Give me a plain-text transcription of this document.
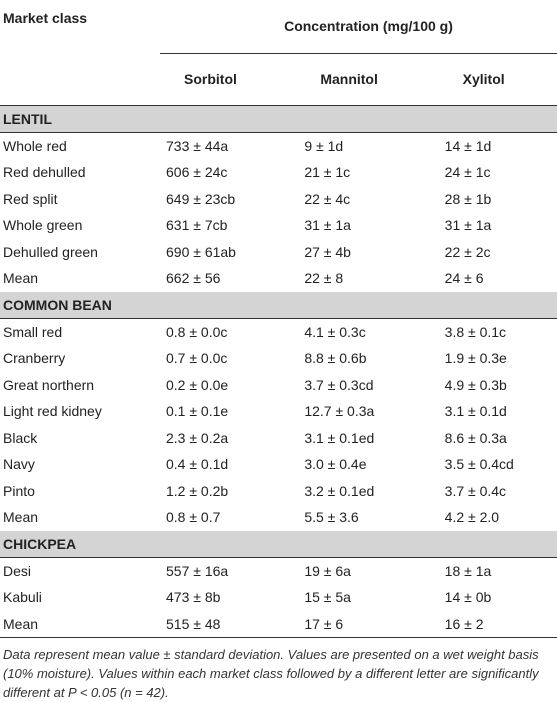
Market class	Concentration (mg/100 g)		
	Sorbitol	Mannitol	Xylitol
LENTIL			
Whole red	733 ± 44a	9 ± 1d	14 ± 1d
Red dehulled	606 ± 24c	21 ± 1c	24 ± 1c
Red split	649 ± 23cb	22 ± 4c	28 ± 1b
Whole green	631 ± 7cb	31 ± 1a	31 ± 1a
Dehulled green	690 ± 61ab	27 ± 4b	22 ± 2c
Mean	662 ± 56	22 ± 8	24 ± 6
COMMON BEAN			
Small red	0.8 ± 0.0c	4.1 ± 0.3c	3.8 ± 0.1c
Cranberry	0.7 ± 0.0c	8.8 ± 0.6b	1.9 ± 0.3e
Great northern	0.2 ± 0.0e	3.7 ± 0.3cd	4.9 ± 0.3b
Light red kidney	0.1 ± 0.1e	12.7 ± 0.3a	3.1 ± 0.1d
Black	2.3 ± 0.2a	3.1 ± 0.1ed	8.6 ± 0.3a
Navy	0.4 ± 0.1d	3.0 ± 0.4e	3.5 ± 0.4cd
Pinto	1.2 ± 0.2b	3.2 ± 0.1ed	3.7 ± 0.4c
Mean	0.8 ± 0.7	5.5 ± 3.6	4.2 ± 2.0
CHICKPEA			
Desi	557 ± 16a	19 ± 6a	18 ± 1a
Kabuli	473 ± 8b	15 ± 5a	14 ± 0b
Mean	515 ± 48	17 ± 6	16 ± 2
Data represent mean value ± standard deviation. Values are presented on a wet weight basis (10% moisture). Values within each market class followed by a different letter are significantly different at P < 0.05 (n = 42).
